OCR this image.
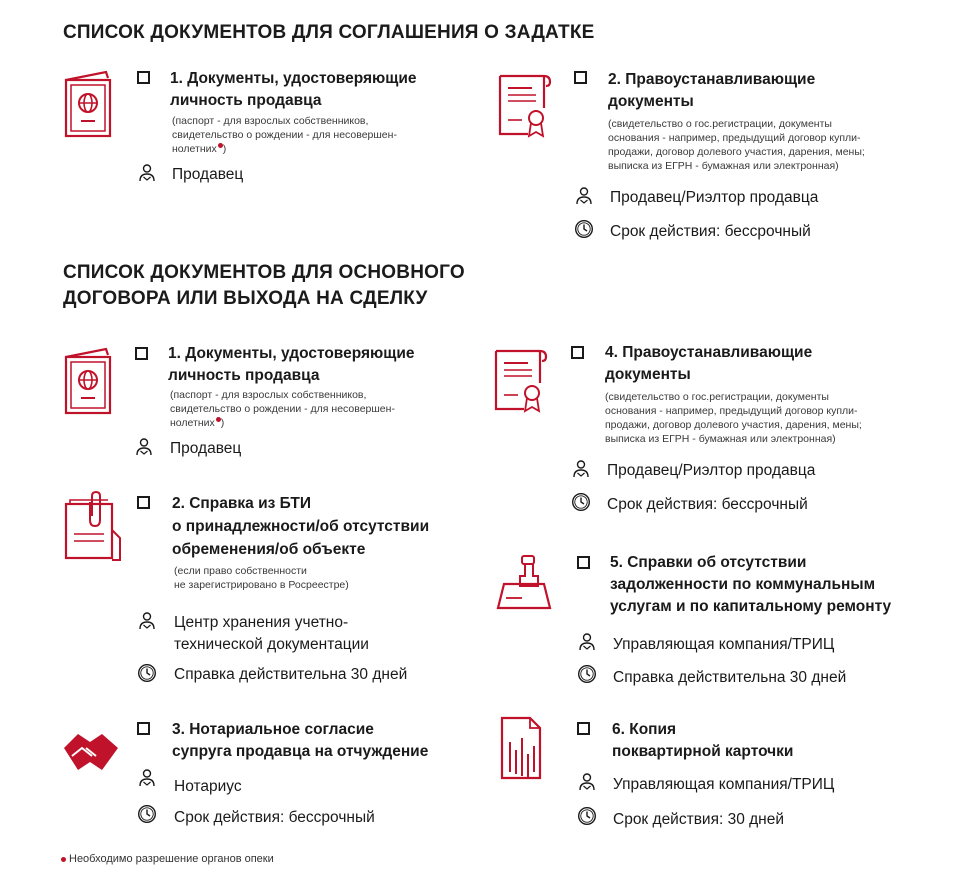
СПИСОК ДОКУМЕНТОВ ДЛЯ СОГЛАШЕНИЯ О ЗАДАТКЕ
СПИСОК ДОКУМЕНТОВ ДЛЯ ОСНОВНОГО
ДОГОВОРА ИЛИ ВЫХОДА НА СДЕЛКУ
1. Документы, удостоверяющие
личность продавца
(паспорт - для взрослых собственников,
свидетельство о рождении - для несовершен-
нолетних )
Продавец
2. Правоустанавливающие
документы
(свидетельство о гос.регистрации, документы
основания - например, предыдущий договор купли-
продажи, договор долевого участия, дарения, мены;
выписка из ЕГРН - бумажная или электронная)
Продавец/Риэлтор продавца
Срок действия: бессрочный
1. Документы, удостоверяющие
личность продавца
(паспорт - для взрослых собственников,
свидетельство о рождении - для несовершен-
нолетних )
Продавец
2. Справка из БТИ
о принадлежности/об отсутствии
обременения/об объекте
(если право собственности
не зарегистрировано в Росреестре)
Центр хранения учетно-
технической документации
Справка действительна 30 дней
3. Нотариальное согласие
супруга продавца на отчуждение
Нотариус
Срок действия: бессрочный
4. Правоустанавливающие
документы
(свидетельство о гос.регистрации, документы
основания - например, предыдущий договор купли-
продажи, договор долевого участия, дарения, мены;
выписка из ЕГРН - бумажная или электронная)
Продавец/Риэлтор продавца
Срок действия: бессрочный
5. Справки об отсутствии
задолженности по коммунальным
услугам и по капитальному ремонту
Управляющая компания/ТРИЦ
Справка действительна 30 дней
6. Копия
поквартирной карточки
Управляющая компания/ТРИЦ
Срок действия: 30 дней
Необходимо разрешение органов опеки
